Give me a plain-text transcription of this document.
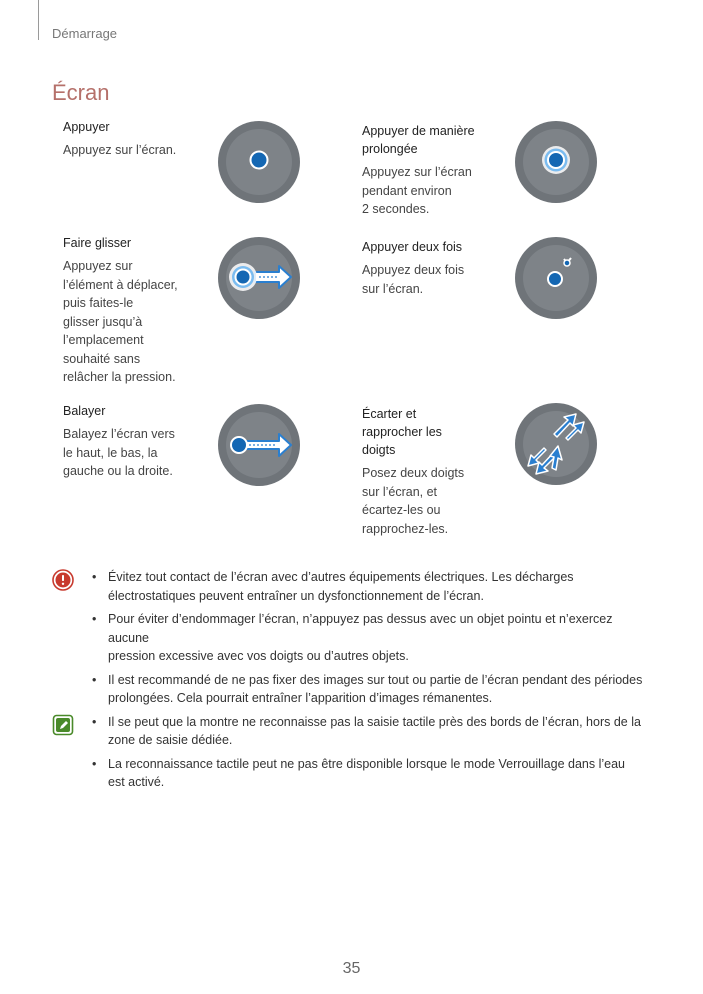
Démarrage
Écran
Appuyer
Appuyez sur l’écran.
Appuyer de manière
prolongée
Appuyez sur l’écran
pendant environ
2 secondes.
Faire glisser
Appuyez sur
l’élément à déplacer,
puis faites-le
glisser jusqu’à
l’emplacement
souhaité sans
relâcher la pression.
Appuyer deux fois
Appuyez deux fois
sur l’écran.
Balayer
Balayez l’écran vers
le haut, le bas, la
gauche ou la droite.
Écarter et
rapprocher les
doigts
Posez deux doigts
sur l’écran, et
écartez-les ou
rapprochez-les.
• Évitez tout contact de l’écran avec d’autres équipements électriques. Les décharges
électrostatiques peuvent entraîner un dysfonctionnement de l’écran.
• Pour éviter d’endommager l’écran, n’appuyez pas dessus avec un objet pointu et n’exercez aucune
pression excessive avec vos doigts ou d’autres objets.
• Il est recommandé de ne pas fixer des images sur tout ou partie de l’écran pendant des périodes
prolongées. Cela pourrait entraîner l’apparition d’images rémanentes.
• Il se peut que la montre ne reconnaisse pas la saisie tactile près des bords de l’écran, hors de la
zone de saisie dédiée.
• La reconnaissance tactile peut ne pas être disponible lorsque le mode Verrouillage dans l’eau
est activé.
35
